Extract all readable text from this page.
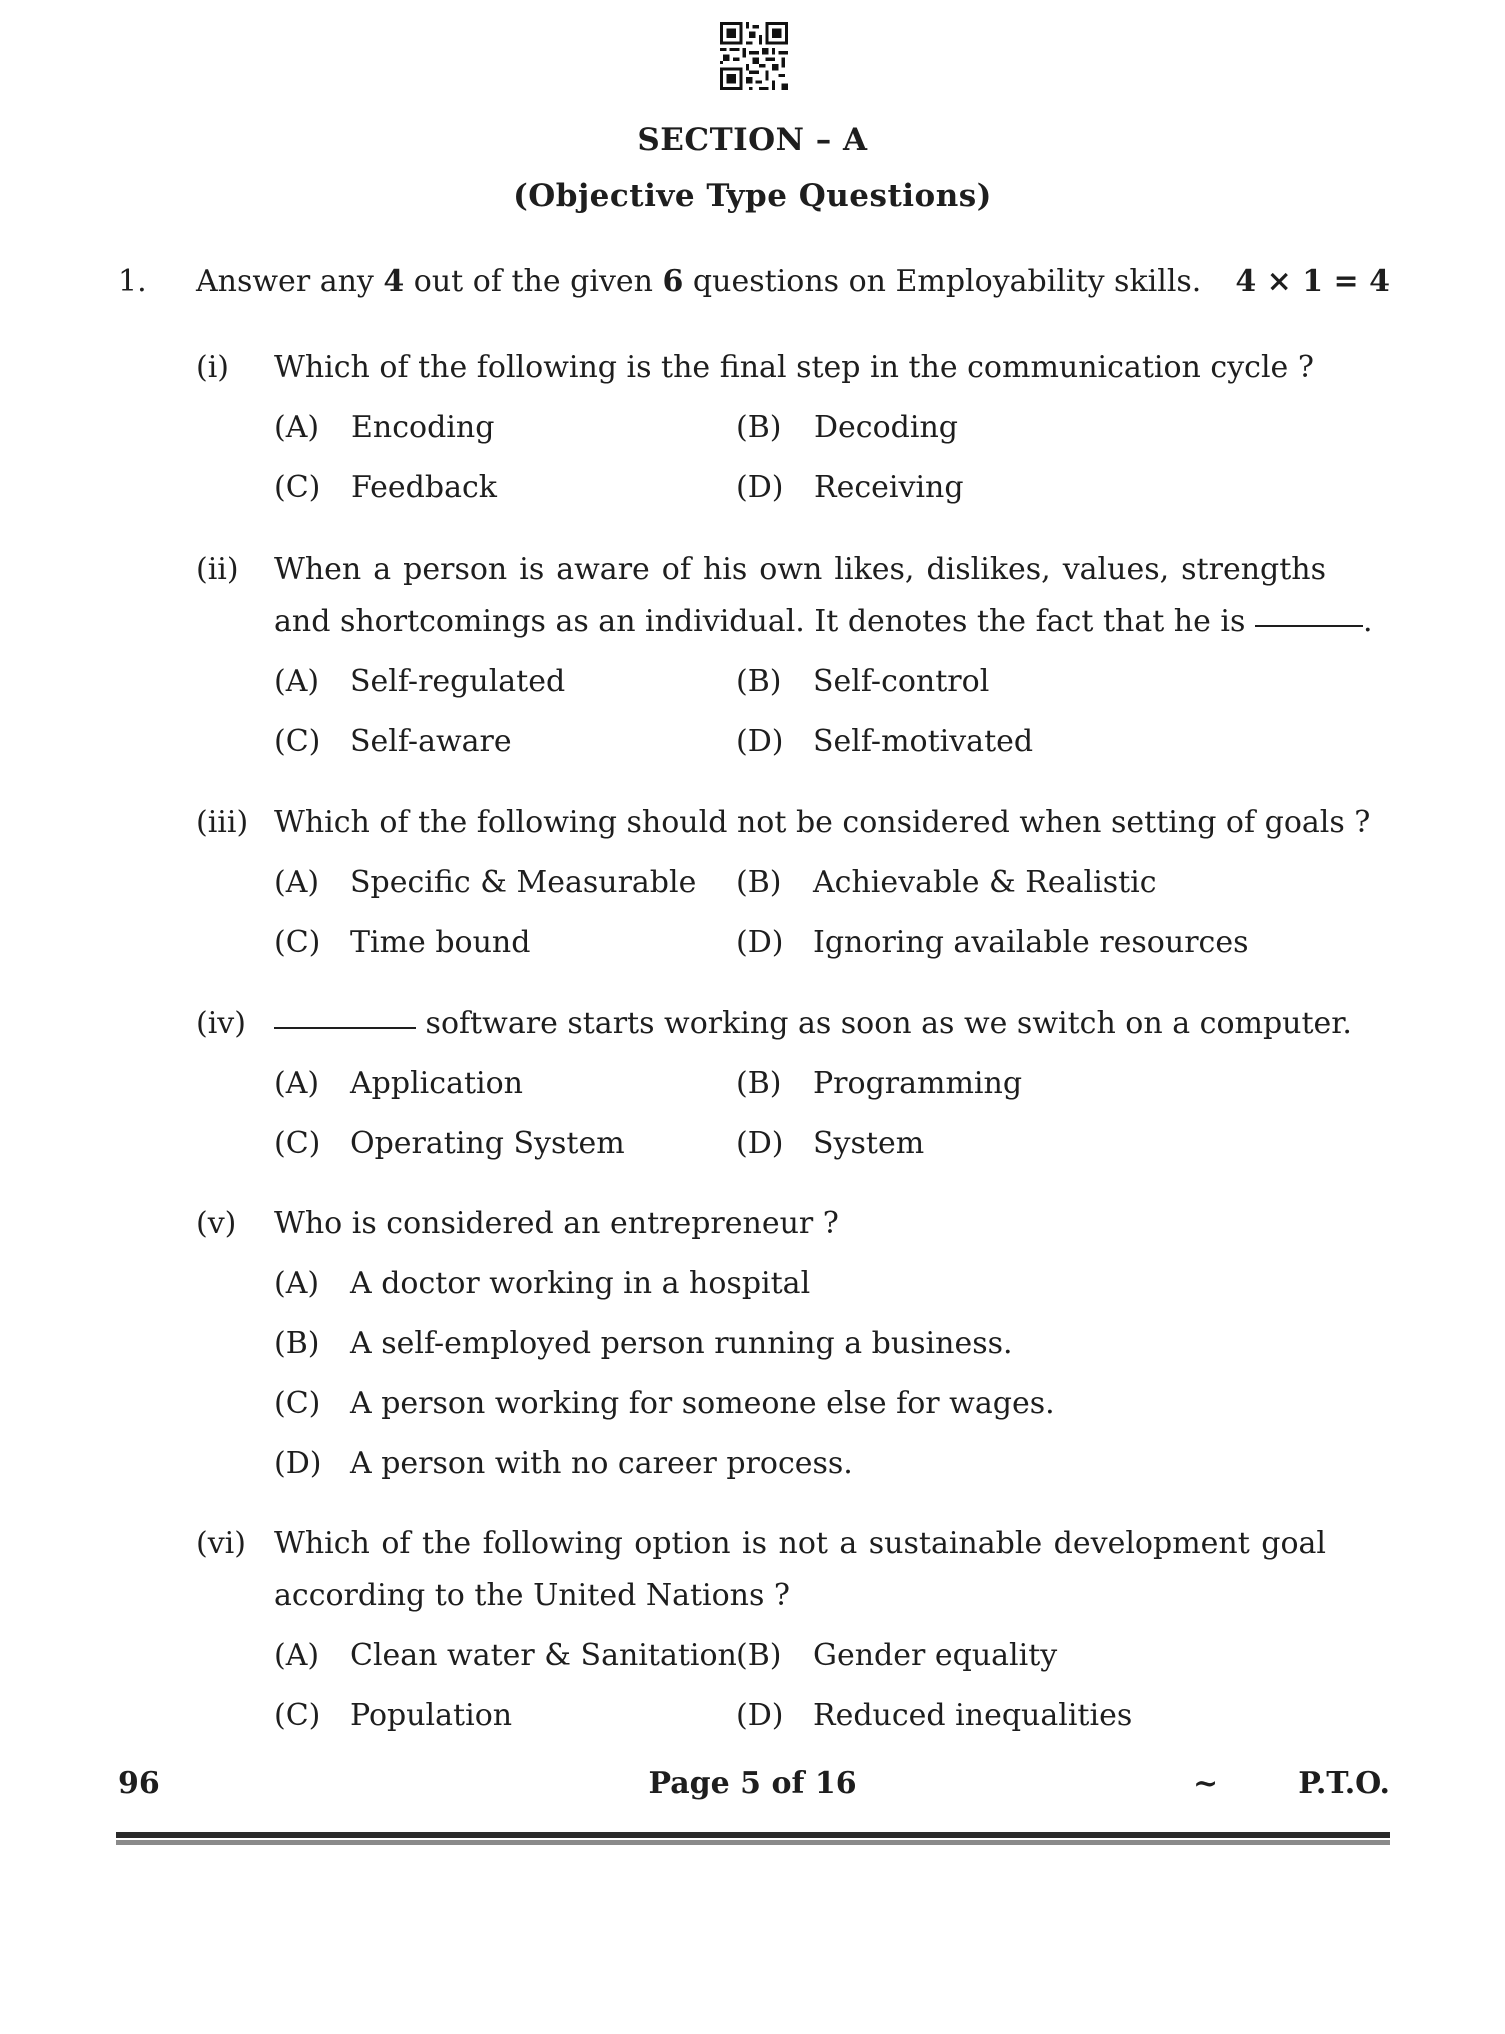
SECTION – A
(Objective Type Questions)
1. Answer any 4 out of the given 6 questions on Employability skills. 4 × 1 = 4
(i) Which of the following is the final step in the communication cycle ?
(A) Encoding	(B) Decoding
(C) Feedback	(D) Receiving
(ii) When a person is aware of his own likes, dislikes, values, strengths
and shortcomings as an individual. It denotes the fact that he is	.
(A) Self-regulated	(B) Self-control
(C) Self-aware	(D) Self-motivated
(iii) Which of the following should not be considered when setting of goals ?
(A) Specific & Measurable (B) Achievable & Realistic
(C) Time bound	(D) Ignoring available resources
(iv)	software starts working as soon as we switch on a computer.
(A) Application	(B) Programming
(C) Operating System	(D) System
(v) Who is considered an entrepreneur ?
(A) A doctor working in a hospital
(B) A self-employed person running a business.
(C) A person working for someone else for wages.
(D) A person with no career process.
(vi) Which of the following option is not a sustainable development goal
according to the United Nations ?
(A) Clean water & Sanitation (B) Gender equality
(C) Population	(D) Reduced inequalities
96	Page 5 of 16	~	P.T.O.
